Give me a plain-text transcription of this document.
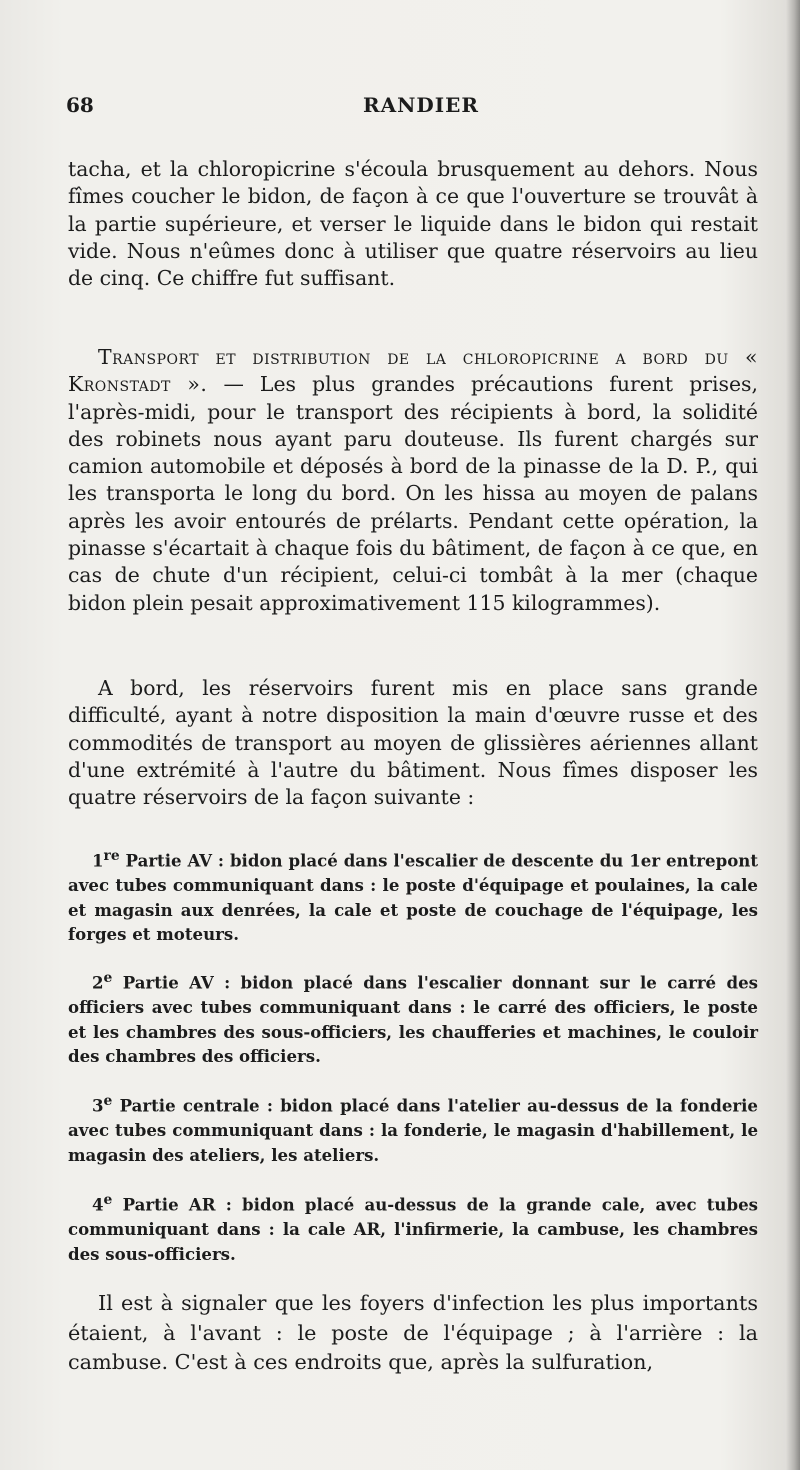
68	RANDIER

tacha, et la chloropicrine s'écoula brusquement au dehors. Nous fîmes coucher le bidon, de façon à ce que l'ouverture se trouvât à la partie supérieure, et verser le liquide dans le bidon qui restait vide. Nous n'eûmes donc à utiliser que quatre réservoirs au lieu de cinq. Ce chiffre fut suffisant.

Transport et distribution de la chloropicrine a bord du « Kronstadt ». — Les plus grandes précautions furent prises, l'après-midi, pour le transport des récipients à bord, la solidité des robinets nous ayant paru douteuse. Ils furent chargés sur camion automobile et déposés à bord de la pinasse de la D. P., qui les transporta le long du bord. On les hissa au moyen de palans après les avoir entourés de prélarts. Pendant cette opération, la pinasse s'écartait à chaque fois du bâtiment, de façon à ce que, en cas de chute d'un récipient, celui-ci tombât à la mer (chaque bidon plein pesait approximativement 115 kilogrammes).

A bord, les réservoirs furent mis en place sans grande difficulté, ayant à notre disposition la main d'œuvre russe et des commodités de transport au moyen de glissières aériennes allant d'une extrémité à l'autre du bâtiment. Nous fîmes disposer les quatre réservoirs de la façon suivante :

1re Partie AV : bidon placé dans l'escalier de descente du 1er entrepont avec tubes communiquant dans : le poste d'équipage et poulaines, la cale et magasin aux denrées, la cale et poste de couchage de l'équipage, les forges et moteurs.

2e Partie AV : bidon placé dans l'escalier donnant sur le carré des officiers avec tubes communiquant dans : le carré des officiers, le poste et les chambres des sous-officiers, les chaufferies et machines, le couloir des chambres des officiers.

3e Partie centrale : bidon placé dans l'atelier au-dessus de la fonderie avec tubes communiquant dans : la fonderie, le magasin d'habillement, le magasin des ateliers, les ateliers.

4e Partie AR : bidon placé au-dessus de la grande cale, avec tubes communiquant dans : la cale AR, l'infirmerie, la cambuse, les chambres des sous-officiers.

Il est à signaler que les foyers d'infection les plus importants étaient, à l'avant : le poste de l'équipage ; à l'arrière : la cambuse. C'est à ces endroits que, après la sulfuration,
